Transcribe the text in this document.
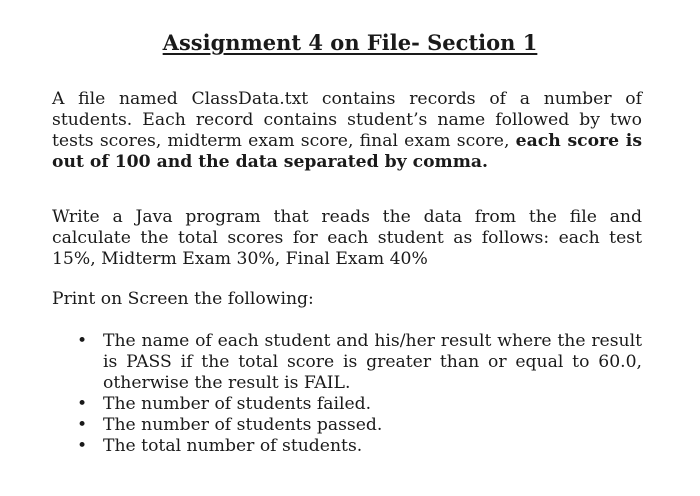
Assignment 4 on File- Section 1

A file named ClassData.txt contains records of a number of students. Each record contains student’s name followed by two tests scores, midterm exam score, final exam score, each score is out of 100 and the data separated by comma.

Write a Java program that reads the data from the file and calculate the total scores for each student as follows: each test 15%, Midterm Exam 30%, Final Exam 40%

Print on Screen the following:

• The name of each student and his/her result where the result is PASS if the total score is greater than or equal to 60.0, otherwise the result is FAIL.
• The number of students failed.
• The number of students passed.
• The total number of students.
